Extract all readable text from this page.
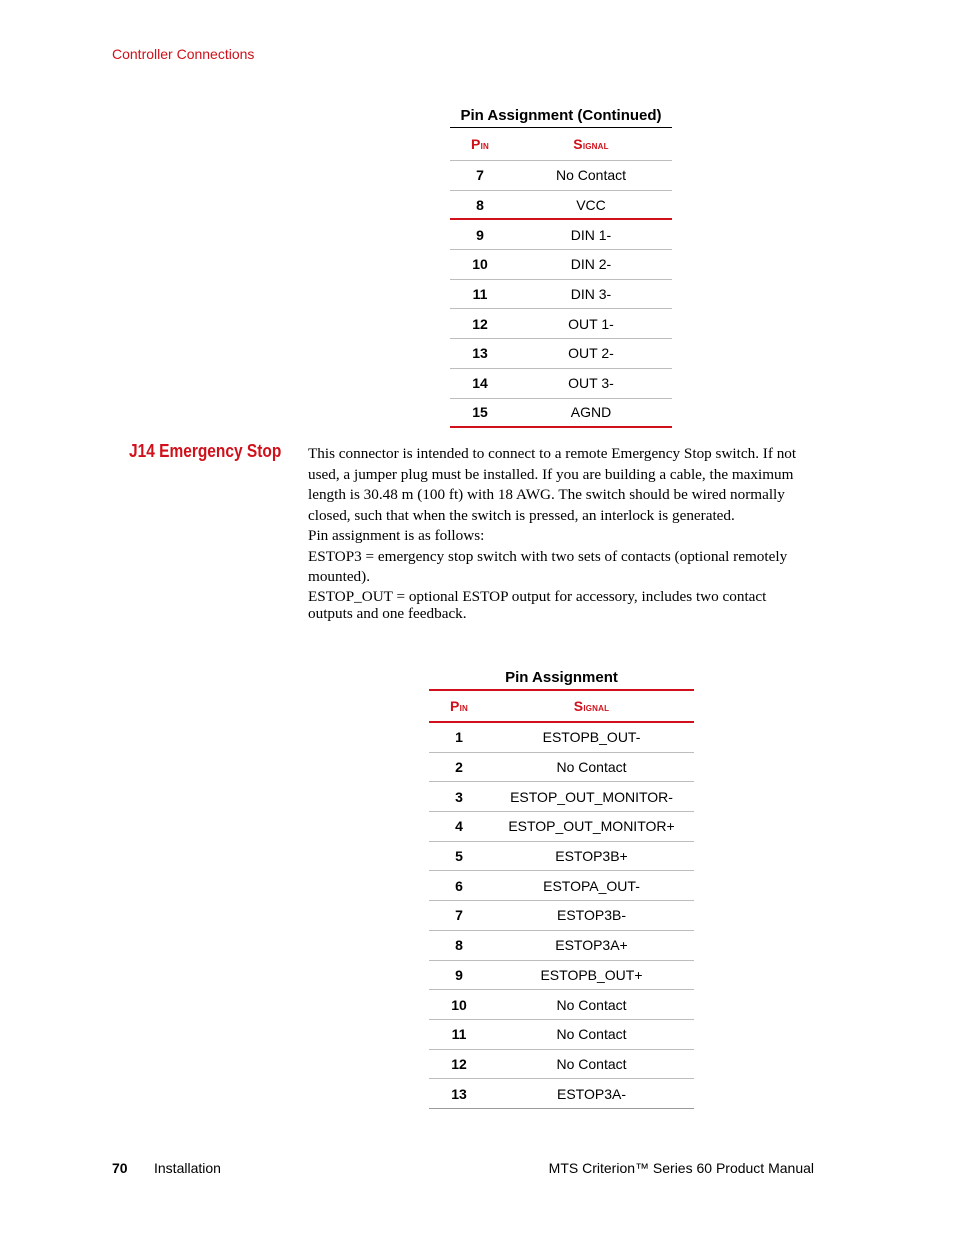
Controller Connections
Pin Assignment (Continued)
Pin	Signal
7	No Contact
8	VCC
9	DIN 1-
10	DIN 2-
11	DIN 3-
12	OUT 1-
13	OUT 2-
14	OUT 3-
15	AGND
J14 Emergency Stop This connector is intended to connect to a remote Emergency Stop switch. If not used, a jumper plug must be installed. If you are building a cable, the maximum length is 30.48 m (100 ft) with 18 AWG. The switch should be wired normally closed, such that when the switch is pressed, an interlock is generated.

Pin assignment is as follows:

ESTOP3 = emergency stop switch with two sets of contacts (optional remotely mounted).

ESTOP_OUT = optional ESTOP output for accessory, includes two contact outputs and one feedback.

Pin Assignment
Pin	Signal
1	ESTOPB_OUT-
2	No Contact
3	ESTOP_OUT_MONITOR-
4	ESTOP_OUT_MONITOR+
5	ESTOP3B+
6	ESTOPA_OUT-
7	ESTOP3B-
8	ESTOP3A+
9	ESTOPB_OUT+
10	No Contact
11	No Contact
12	No Contact
13	ESTOP3A-
70 Installation	MTS Criterion™ Series 60 Product Manual
